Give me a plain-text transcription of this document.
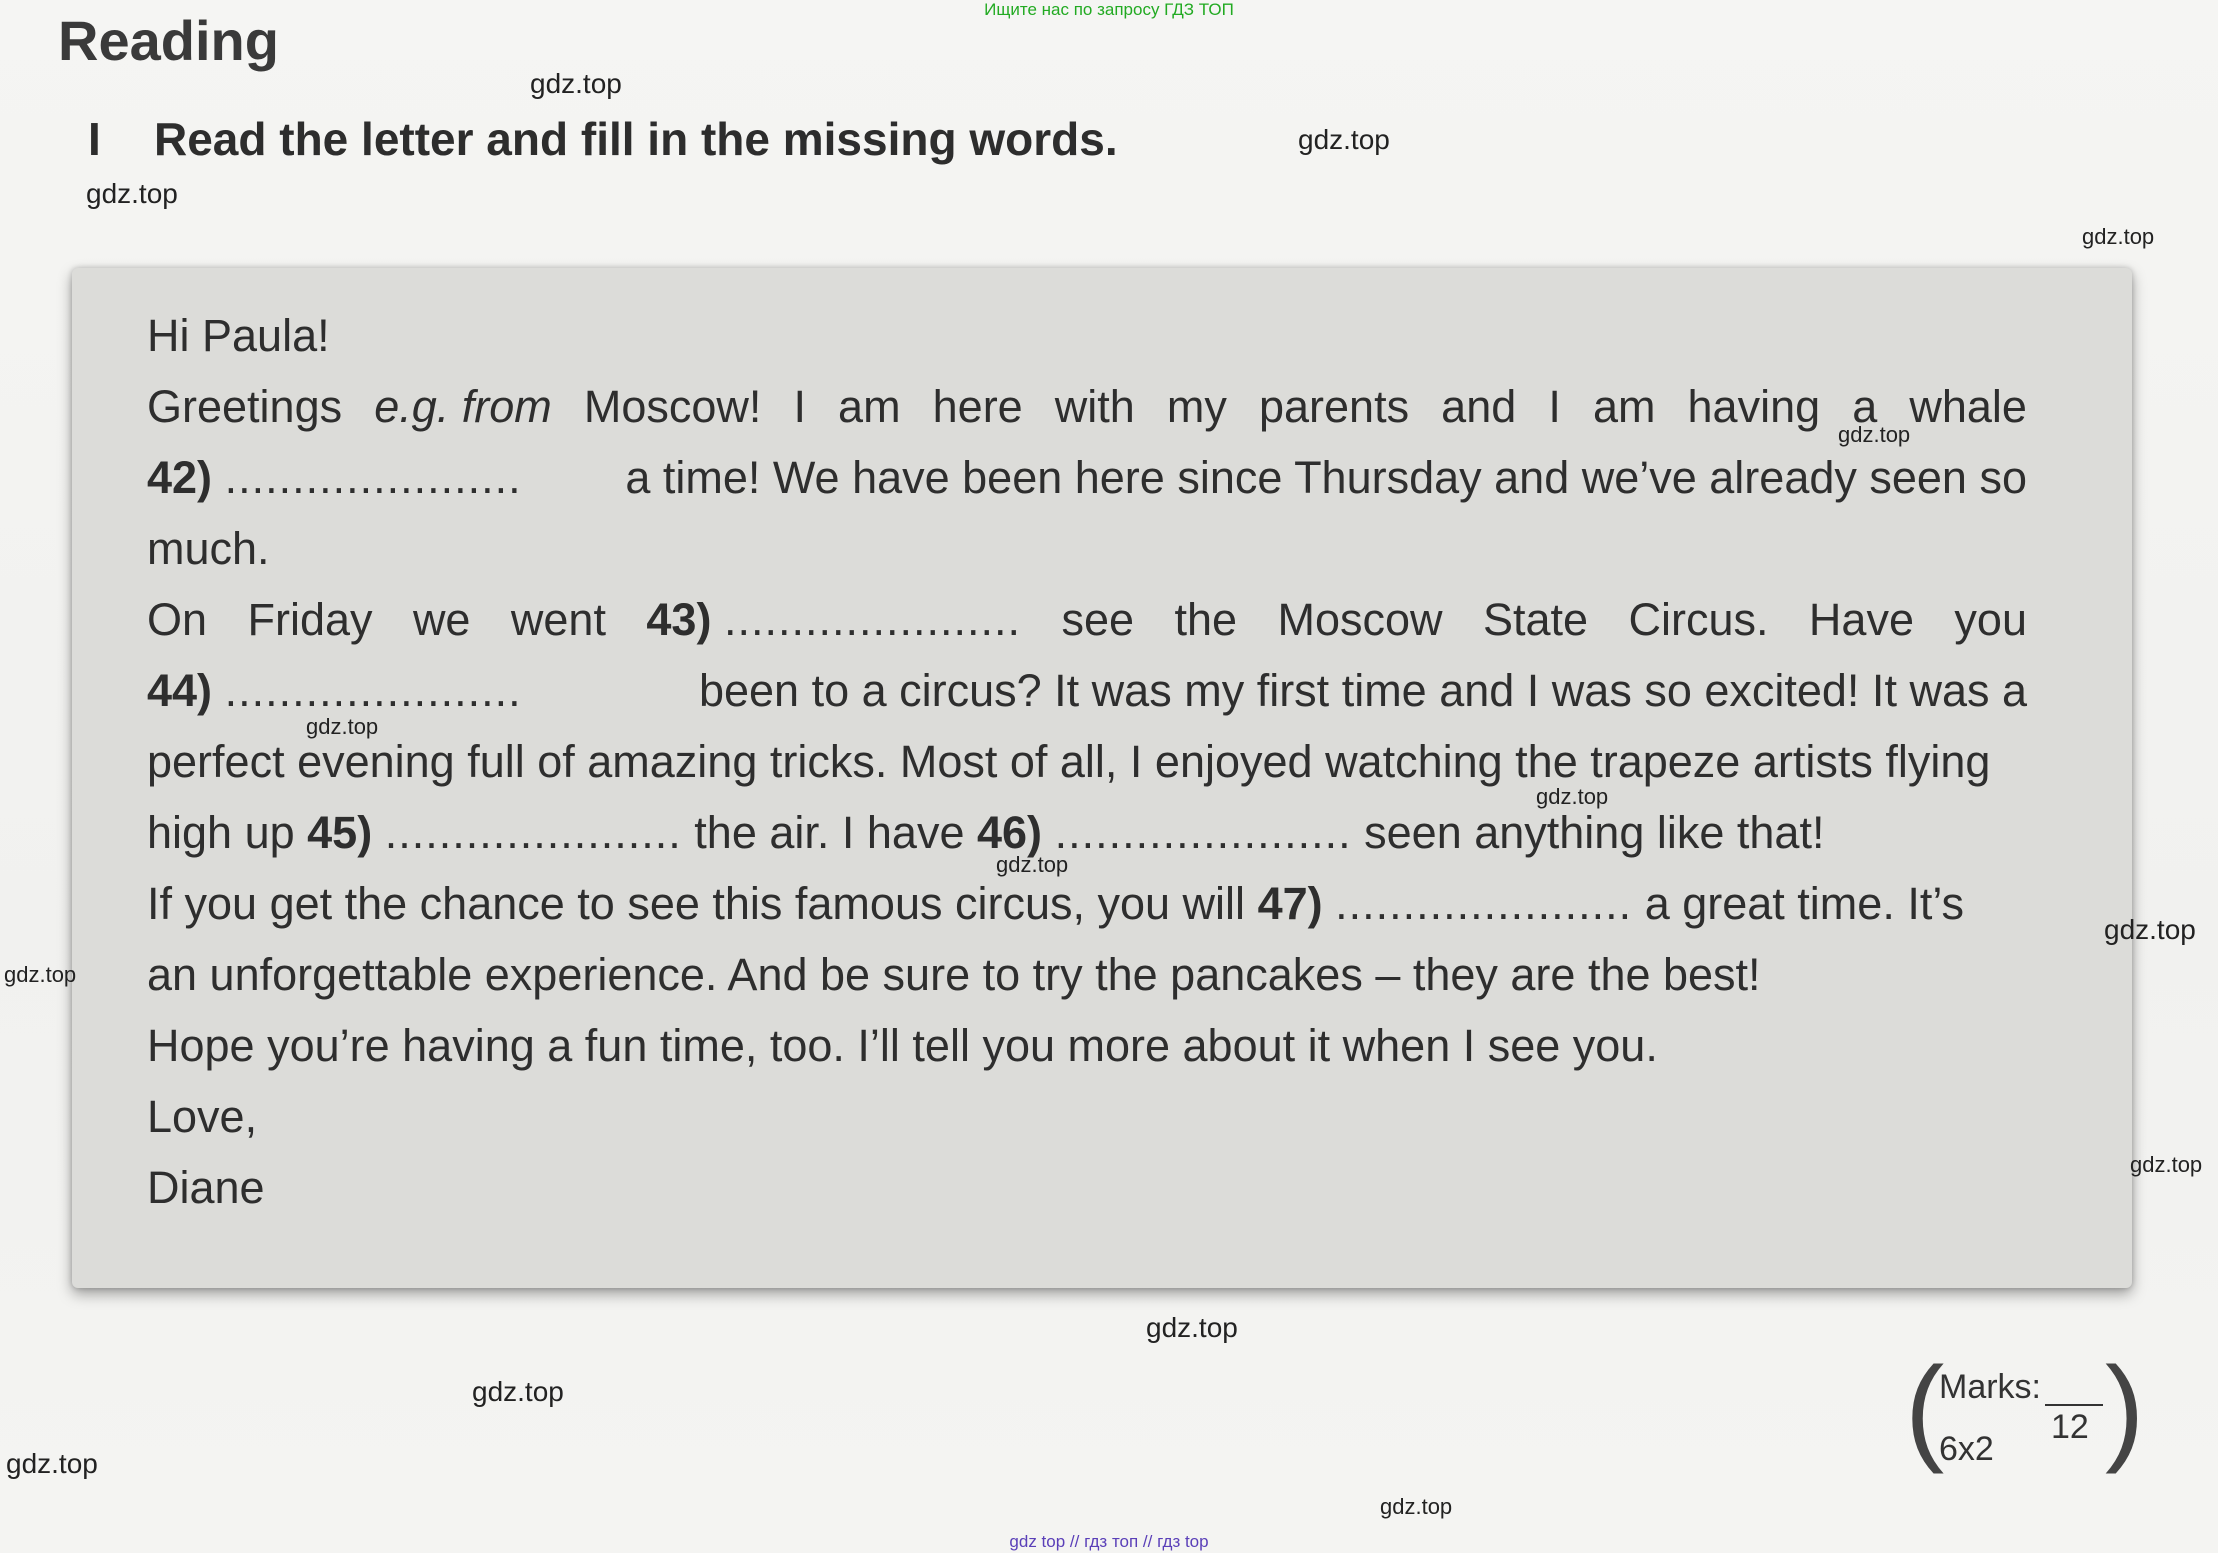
Ищите нас по запросу ГДЗ ТОП
Reading
I Read the letter and fill in the missing words.
Hi Paula!
Greetings e.g. from Moscow! I am here with my parents and I am having a whale
42) ...................... a time! We have been here since Thursday and we’ve already seen so
much.
On Friday we went 43) ...................... see the Moscow State Circus. Have you
44) ......................	been to a circus? It was my first time and I was so excited! It was a
perfect evening full of amazing tricks. Most of all, I enjoyed watching the trapeze artists flying
high up 45) ...................... the air. I have 46) ...................... seen anything like that!
If you get the chance to see this famous circus, you will 47) ...................... a great time. It’s
an unforgettable experience. And be sure to try the pancakes – they are the best!
Hope you’re having a fun time, too. I’ll tell you more about it when I see you.
Love,
Diane
gdz.top
gdz.top
gdz.top
gdz.top
gdz.top
gdz.top
gdz.top
gdz.top
gdz.top
gdz.top
gdz.top
gdz.top
gdz.top
gdz.top
gdz.top
(
Marks:
12
6x2 )
gdz top // гдз топ // гдз top
